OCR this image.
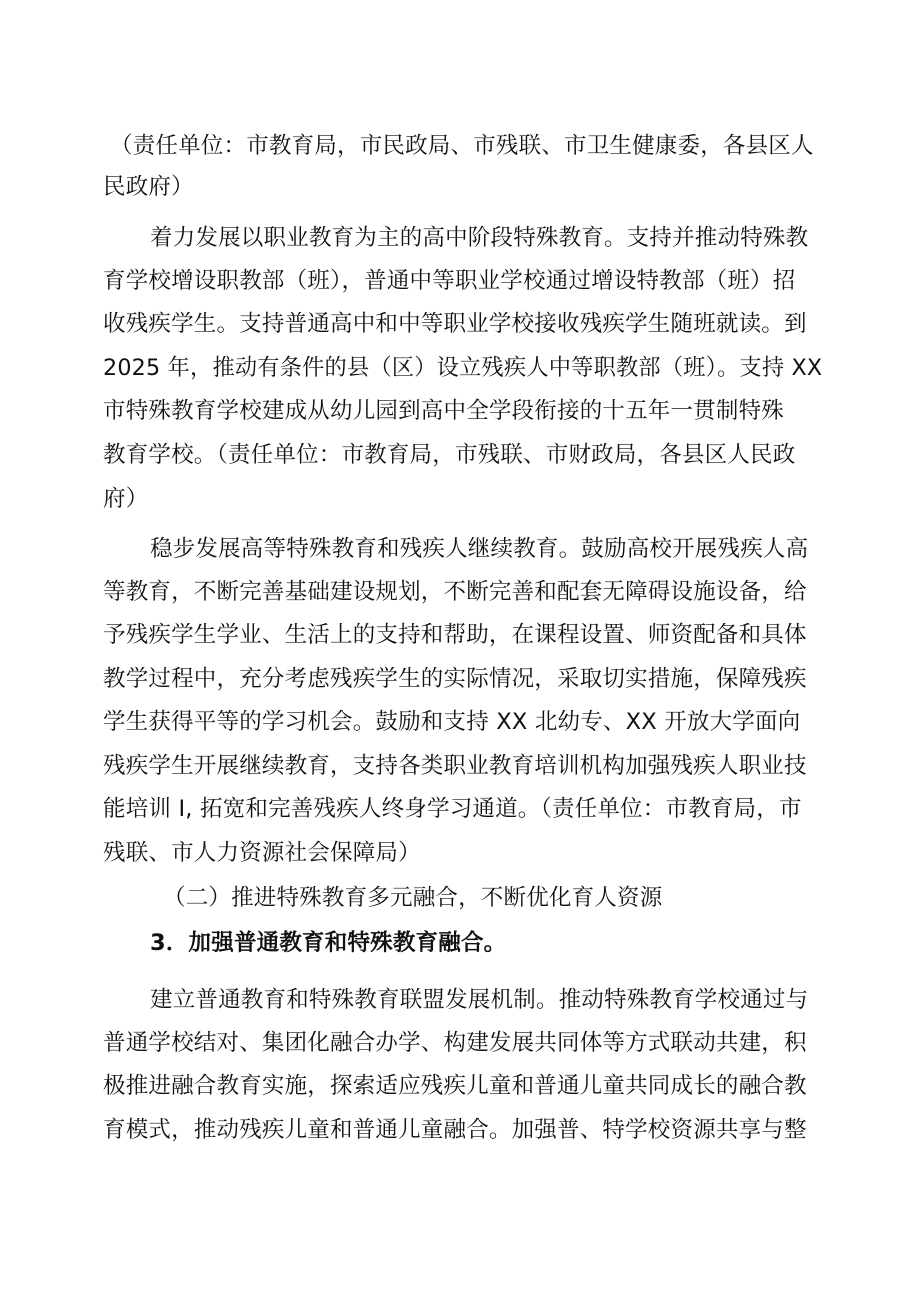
（责任单位：市教育局，市民政局、市残联、市卫生健康委，各县区人
民政府）
着力发展以职业教育为主的高中阶段特殊教育。支持并推动特殊教
育学校增设职教部（班），普通中等职业学校通过增设特教部（班）招
收残疾学生。支持普通高中和中等职业学校接收残疾学生随班就读。到
2025 年，推动有条件的县（区）设立残疾人中等职教部（班）。支持 XX
市特殊教育学校建成从幼儿园到高中全学段衔接的十五年一贯制特殊
教育学校。（责任单位：市教育局，市残联、市财政局，各县区人民政
府）
稳步发展高等特殊教育和残疾人继续教育。鼓励高校开展残疾人高
等教育，不断完善基础建设规划，不断完善和配套无障碍设施设备，给
予残疾学生学业、生活上的支持和帮助，在课程设置、师资配备和具体
教学过程中，充分考虑残疾学生的实际情况，采取切实措施，保障残疾
学生获得平等的学习机会。鼓励和支持 XX 北幼专、XX 开放大学面向
残疾学生开展继续教育，支持各类职业教育培训机构加强残疾人职业技
能培训 I, 拓宽和完善残疾人终身学习通道。（责任单位：市教育局，市
残联、市人力资源社会保障局）
（二）推进特殊教育多元融合，不断优化育人资源
3．加强普通教育和特殊教育融合。
建立普通教育和特殊教育联盟发展机制。推动特殊教育学校通过与
普通学校结对、集团化融合办学、构建发展共同体等方式联动共建，积
极推进融合教育实施，探索适应残疾儿童和普通儿童共同成长的融合教
育模式，推动残疾儿童和普通儿童融合。加强普、特学校资源共享与整
